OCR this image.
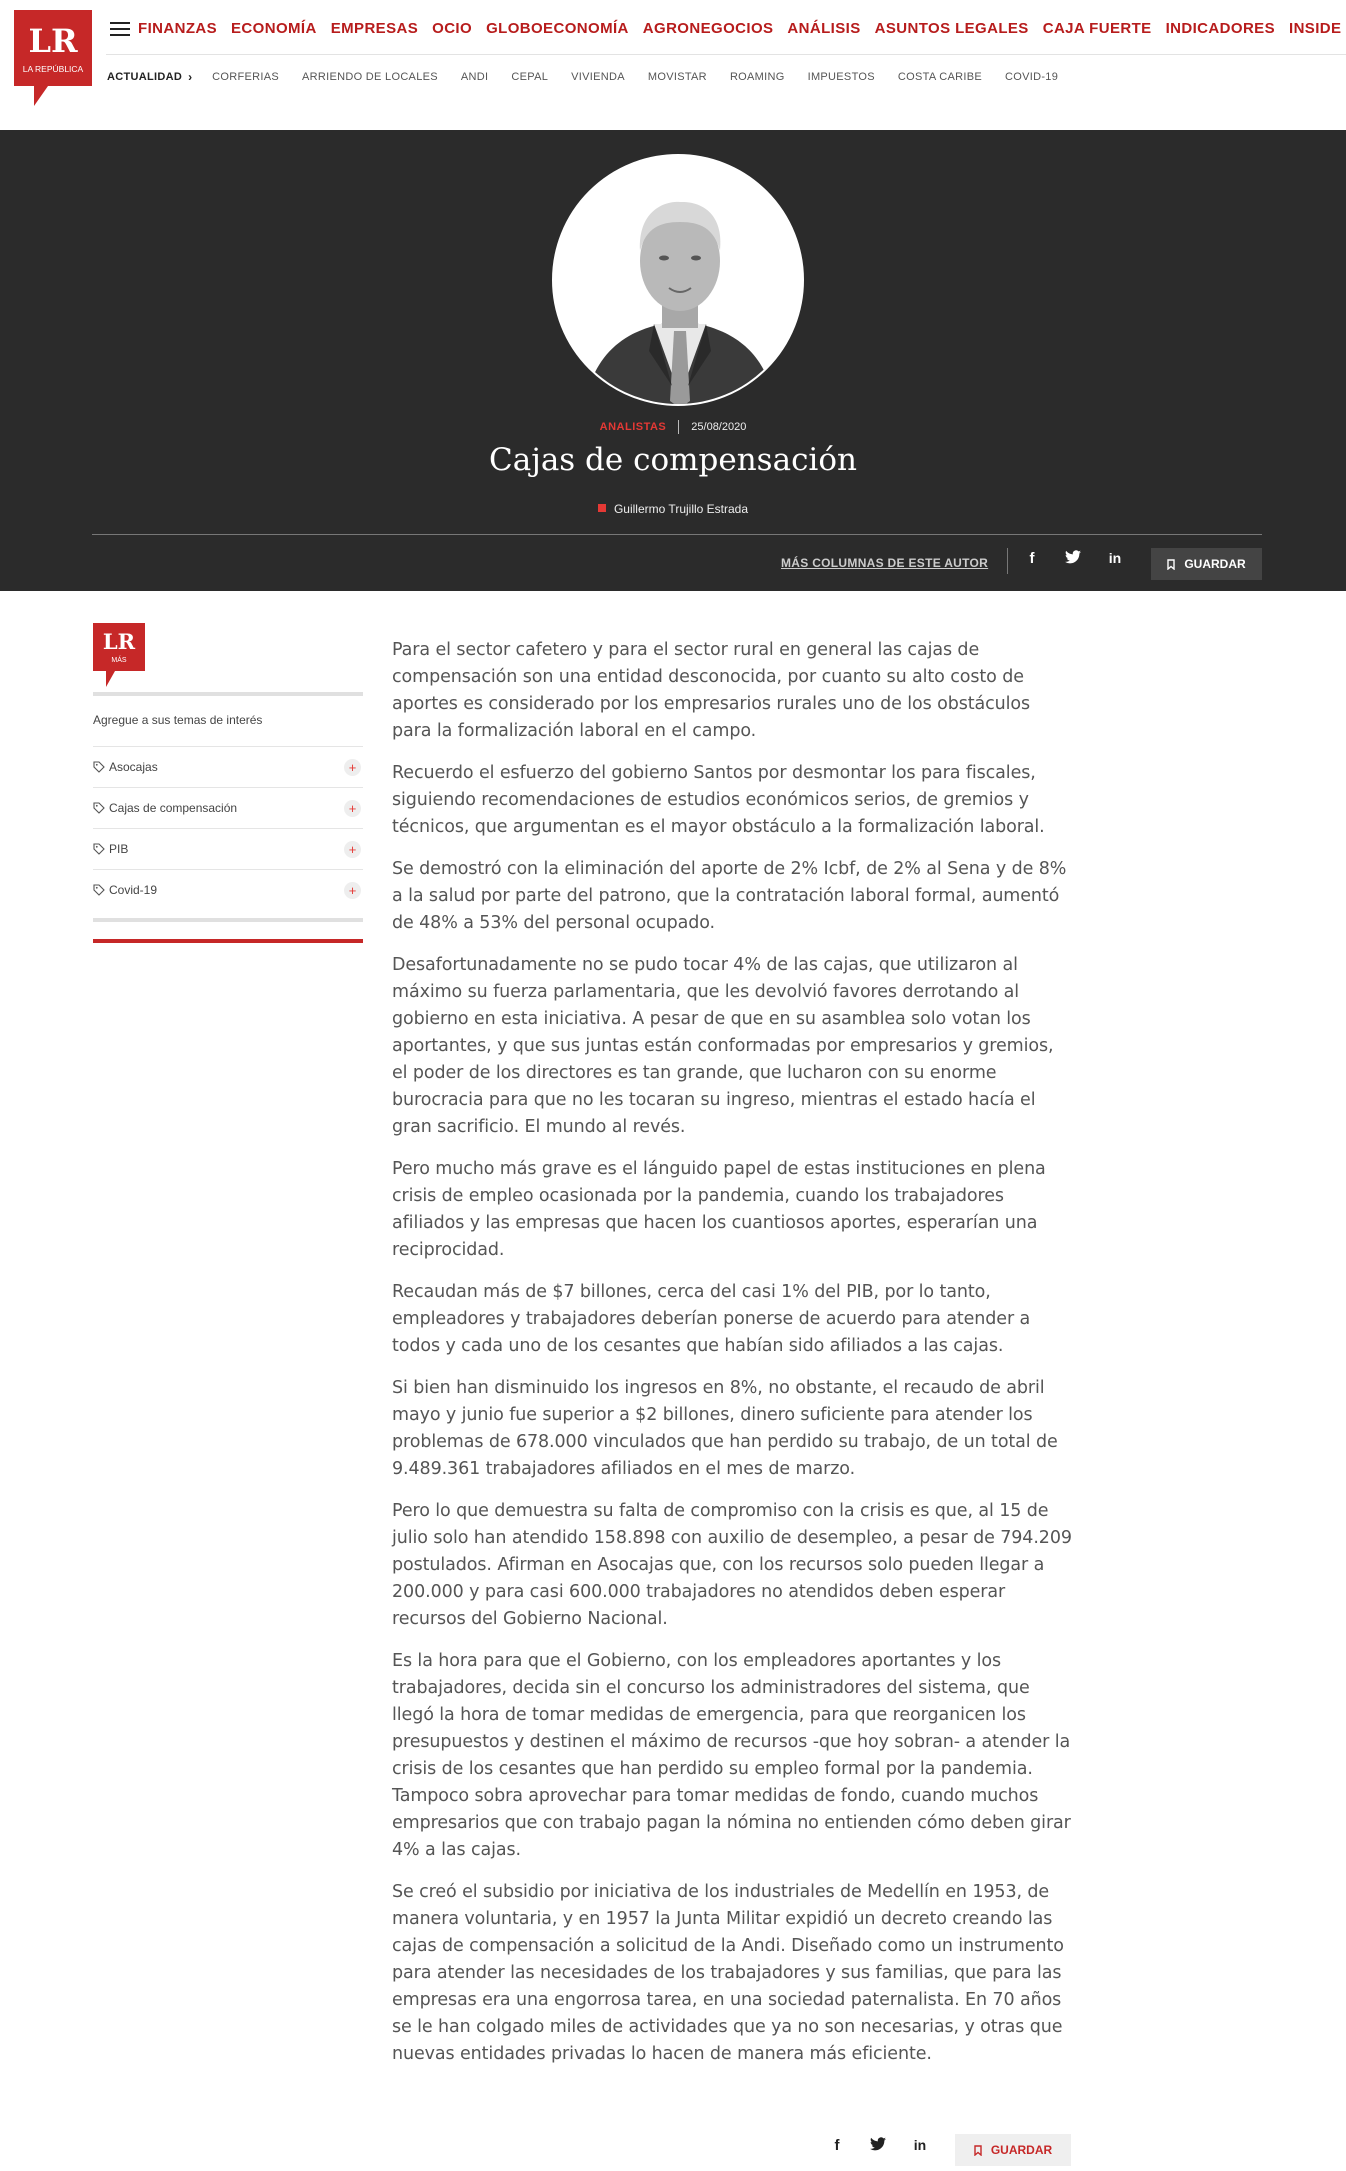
LR
LA REPÚBLICA
FINANZAS ECONOMÍA EMPRESAS OCIO GLOBOECONOMÍA AGRONEGOCIOS ANÁLISIS ASUNTOS LEGALES CAJA FUERTE INDICADORES INSIDE
ACTUALIDAD › CORFERIAS ARRIENDO DE LOCALES ANDI CEPAL VIVIENDA MOVISTAR ROAMING IMPUESTOS COSTA CARIBE COVID-19
ANALISTAS 25/08/2020
Cajas de compensación
Guillermo Trujillo Estrada
MÁS COLUMNAS DE ESTE AUTOR	f	in	GUARDAR
LR
MÁS
Agregue a sus temas de interés
Asocajas	+
Cajas de compensación	+
PIB	+
Covid-19	+

Para el sector cafetero y para el sector rural en general las cajas de compensación son una entidad desconocida, por cuanto su alto costo de aportes es considerado por los empresarios rurales uno de los obstáculos para la formalización laboral en el campo.

Recuerdo el esfuerzo del gobierno Santos por desmontar los para fiscales, siguiendo recomendaciones de estudios económicos serios, de gremios y técnicos, que argumentan es el mayor obstáculo a la formalización laboral.

Se demostró con la eliminación del aporte de 2% Icbf, de 2% al Sena y de 8% a la salud por parte del patrono, que la contratación laboral formal, aumentó de 48% a 53% del personal ocupado.

Desafortunadamente no se pudo tocar 4% de las cajas, que utilizaron al máximo su fuerza parlamentaria, que les devolvió favores derrotando al gobierno en esta iniciativa. A pesar de que en su asamblea solo votan los aportantes, y que sus juntas están conformadas por empresarios y gremios, el poder de los directores es tan grande, que lucharon con su enorme burocracia para que no les tocaran su ingreso, mientras el estado hacía el gran sacrificio. El mundo al revés.

Pero mucho más grave es el lánguido papel de estas instituciones en plena crisis de empleo ocasionada por la pandemia, cuando los trabajadores afiliados y las empresas que hacen los cuantiosos aportes, esperarían una reciprocidad.

Recaudan más de $7 billones, cerca del casi 1% del PIB, por lo tanto, empleadores y trabajadores deberían ponerse de acuerdo para atender a todos y cada uno de los cesantes que habían sido afiliados a las cajas.

Si bien han disminuido los ingresos en 8%, no obstante, el recaudo de abril mayo y junio fue superior a $2 billones, dinero suficiente para atender los problemas de 678.000 vinculados que han perdido su trabajo, de un total de 9.489.361 trabajadores afiliados en el mes de marzo.

Pero lo que demuestra su falta de compromiso con la crisis es que, al 15 de julio solo han atendido 158.898 con auxilio de desempleo, a pesar de 794.209 postulados. Afirman en Asocajas que, con los recursos solo pueden llegar a 200.000 y para casi 600.000 trabajadores no atendidos deben esperar recursos del Gobierno Nacional.

Es la hora para que el Gobierno, con los empleadores aportantes y los trabajadores, decida sin el concurso los administradores del sistema, que llegó la hora de tomar medidas de emergencia, para que reorganicen los presupuestos y destinen el máximo de recursos -que hoy sobran- a atender la crisis de los cesantes que han perdido su empleo formal por la pandemia. Tampoco sobra aprovechar para tomar medidas de fondo, cuando muchos empresarios que con trabajo pagan la nómina no entienden cómo deben girar 4% a las cajas.

Se creó el subsidio por iniciativa de los industriales de Medellín en 1953, de manera voluntaria, y en 1957 la Junta Militar expidió un decreto creando las cajas de compensación a solicitud de la Andi. Diseñado como un instrumento para atender las necesidades de los trabajadores y sus familias, que para las empresas era una engorrosa tarea, en una sociedad paternalista. En 70 años se le han colgado miles de actividades que ya no son necesarias, y otras que nuevas entidades privadas lo hacen de manera más eficiente.

f	in	GUARDAR
